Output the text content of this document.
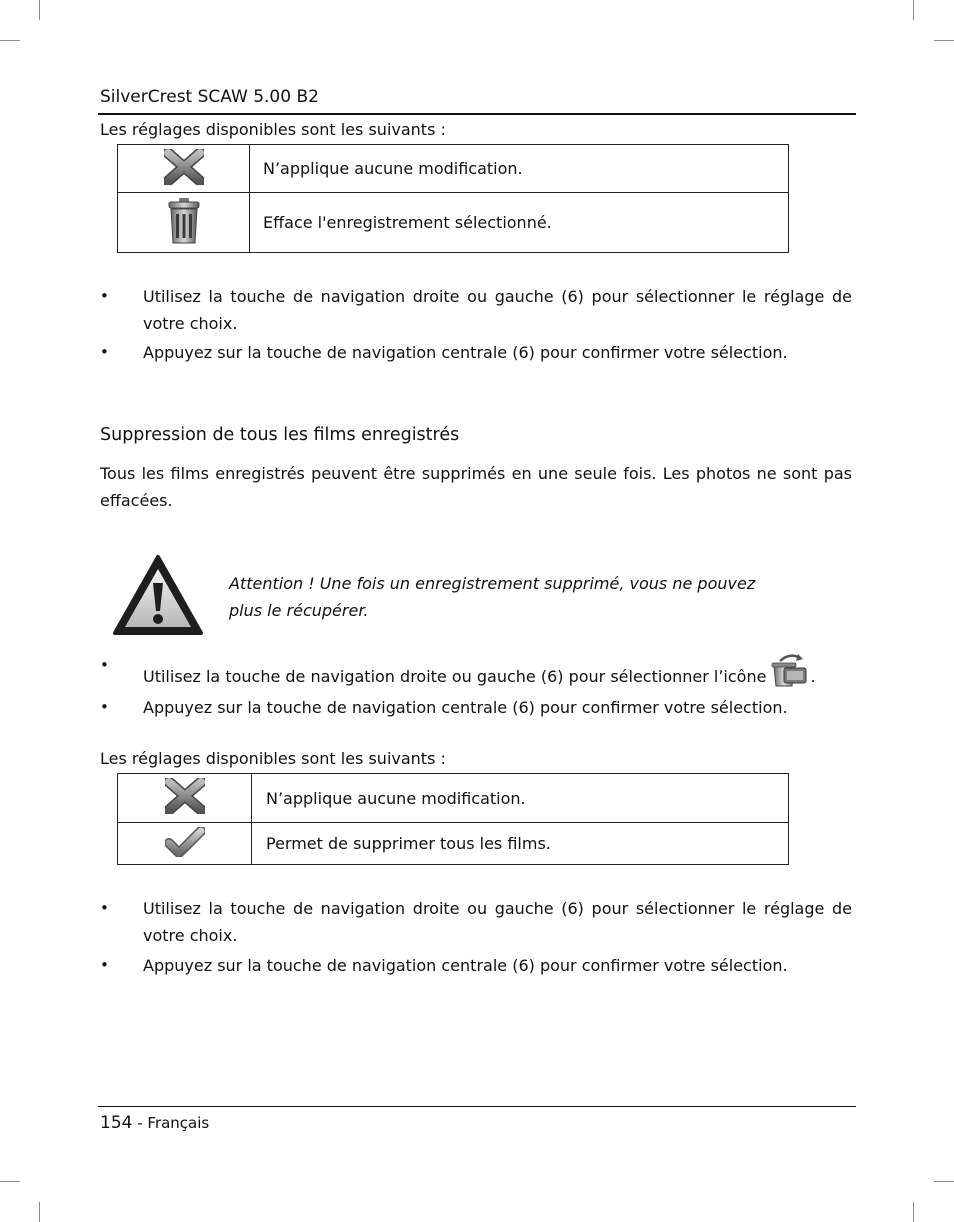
SilverCrest SCAW 5.00 B2
Les réglages disponibles sont les suivants :
	N’applique aucune modification.
	Efface l'enregistrement sélectionné.
• Utilisez la touche de navigation droite ou gauche (6) pour sélectionner le réglage de votre choix.
• Appuyez sur la touche de navigation centrale (6) pour confirmer votre sélection.
Suppression de tous les films enregistrés
Tous les films enregistrés peuvent être supprimés en une seule fois. Les photos ne sont pas effacées.
Attention ! Une fois un enregistrement supprimé, vous ne pouvez plus le récupérer.
•
Utilisez la touche de navigation droite ou gauche (6) pour sélectionner l’icône	.
• Appuyez sur la touche de navigation centrale (6) pour confirmer votre sélection.
Les réglages disponibles sont les suivants :
	N’applique aucune modification.
	Permet de supprimer tous les films.
• Utilisez la touche de navigation droite ou gauche (6) pour sélectionner le réglage de votre choix.
• Appuyez sur la touche de navigation centrale (6) pour confirmer votre sélection.
154 - Français
